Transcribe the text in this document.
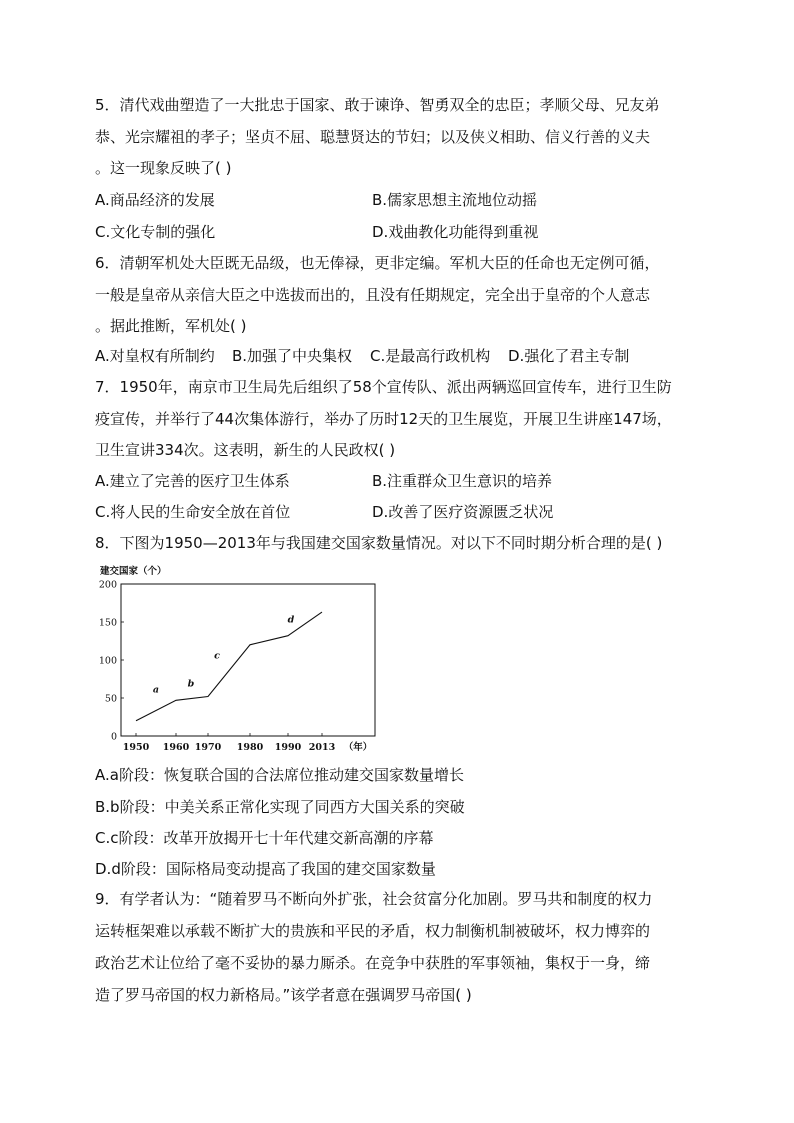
5．清代戏曲塑造了一大批忠于国家、敢于谏诤、智勇双全的忠臣；孝顺父母、兄友弟
恭、光宗耀祖的孝子；坚贞不屈、聪慧贤达的节妇；以及侠义相助、信义行善的义夫
。这一现象反映了( )
A.商品经济的发展	B.儒家思想主流地位动摇
C.文化专制的强化	D.戏曲教化功能得到重视
6．清朝军机处大臣既无品级，也无俸禄，更非定编。军机大臣的任命也无定例可循，
一般是皇帝从亲信大臣之中选拔而出的，且没有任期规定，完全出于皇帝的个人意志
。据此推断，军机处( )
A.对皇权有所制约 B.加强了中央集权 C.是最高行政机构 D.强化了君主专制
7．1950年，南京市卫生局先后组织了58个宣传队、派出两辆巡回宣传车，进行卫生防
疫宣传，并举行了44次集体游行，举办了历时12天的卫生展览，开展卫生讲座147场，
卫生宣讲334次。这表明，新生的人民政权( )
A.建立了完善的医疗卫生体系	B.注重群众卫生意识的培养
C.将人民的生命安全放在首位	D.改善了医疗资源匮乏状况
8．下图为1950—2013年与我国建交国家数量情况。对以下不同时期分析合理的是( )
建交国家（个）
0
50
100
150
200
1950 1960 1970 1980 1990 2013 （年）
a
b
c
d
A.a阶段：恢复联合国的合法席位推动建交国家数量增长
B.b阶段：中美关系正常化实现了同西方大国关系的突破
C.c阶段：改革开放揭开七十年代建交新高潮的序幕
D.d阶段：国际格局变动提高了我国的建交国家数量
9．有学者认为：“随着罗马不断向外扩张，社会贫富分化加剧。罗马共和制度的权力
运转框架难以承载不断扩大的贵族和平民的矛盾，权力制衡机制被破坏，权力博弈的
政治艺术让位给了毫不妥协的暴力厮杀。在竞争中获胜的军事领袖，集权于一身，缔
造了罗马帝国的权力新格局。”该学者意在强调罗马帝国( )
